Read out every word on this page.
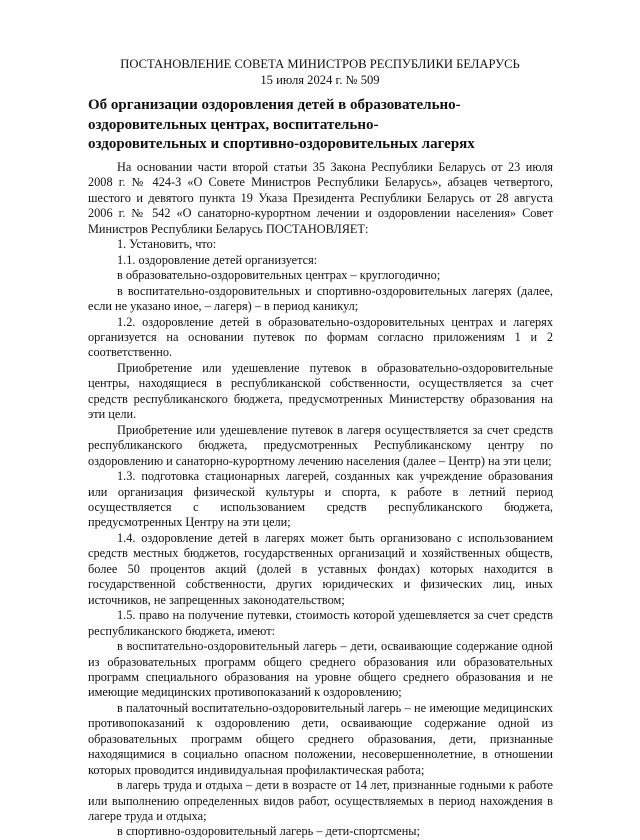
ПОСТАНОВЛЕНИЕ СОВЕТА МИНИСТРОВ РЕСПУБЛИКИ БЕЛАРУСЬ
15 июля 2024 г. № 509
Об организации оздоровления детей в образовательно-
оздоровительных центрах, воспитательно-
оздоровительных и спортивно-оздоровительных лагерях

На основании части второй статьи 35 Закона Республики Беларусь от 23 июля 2008 г. № 424-З «О Совете Министров Республики Беларусь», абзацев четвертого, шестого и девятого пункта 19 Указа Президента Республики Беларусь от 28 августа 2006 г. № 542 «О санаторно-курортном лечении и оздоровлении населения» Совет Министров Республики Беларусь ПОСТАНОВЛЯЕТ:

1. Установить, что:

1.1. оздоровление детей организуется:

в образовательно-оздоровительных центрах – круглогодично;

в воспитательно-оздоровительных и спортивно-оздоровительных лагерях (далее, если не указано иное, – лагеря) – в период каникул;

1.2. оздоровление детей в образовательно-оздоровительных центрах и лагерях организуется на основании путевок по формам согласно приложениям 1 и 2 соответственно.

Приобретение или удешевление путевок в образовательно-оздоровительные центры, находящиеся в республиканской собственности, осуществляется за счет средств республиканского бюджета, предусмотренных Министерству образования на эти цели.

Приобретение или удешевление путевок в лагеря осуществляется за счет средств республиканского бюджета, предусмотренных Республиканскому центру по оздоровлению и санаторно-курортному лечению населения (далее – Центр) на эти цели;

1.3. подготовка стационарных лагерей, созданных как учреждение образования или организация физической культуры и спорта, к работе в летний период осуществляется с использованием средств республиканского бюджета, предусмотренных Центру на эти цели;

1.4. оздоровление детей в лагерях может быть организовано с использованием средств местных бюджетов, государственных организаций и хозяйственных обществ, более 50 процентов акций (долей в уставных фондах) которых находится в государственной собственности, других юридических и физических лиц, иных источников, не запрещенных законодательством;

1.5. право на получение путевки, стоимость которой удешевляется за счет средств республиканского бюджета, имеют:

в воспитательно-оздоровительный лагерь – дети, осваивающие содержание одной из образовательных программ общего среднего образования или образовательных программ специального образования на уровне общего среднего образования и не имеющие медицинских противопоказаний к оздоровлению;

в палаточный воспитательно-оздоровительный лагерь – не имеющие медицинских противопоказаний к оздоровлению дети, осваивающие содержание одной из образовательных программ общего среднего образования, дети, признанные находящимися в социально опасном положении, несовершеннолетние, в отношении которых проводится индивидуальная профилактическая работа;

в лагерь труда и отдыха – дети в возрасте от 14 лет, признанные годными к работе или выполнению определенных видов работ, осуществляемых в период нахождения в лагере труда и отдыха;

в спортивно-оздоровительный лагерь – дети-спортсмены;
